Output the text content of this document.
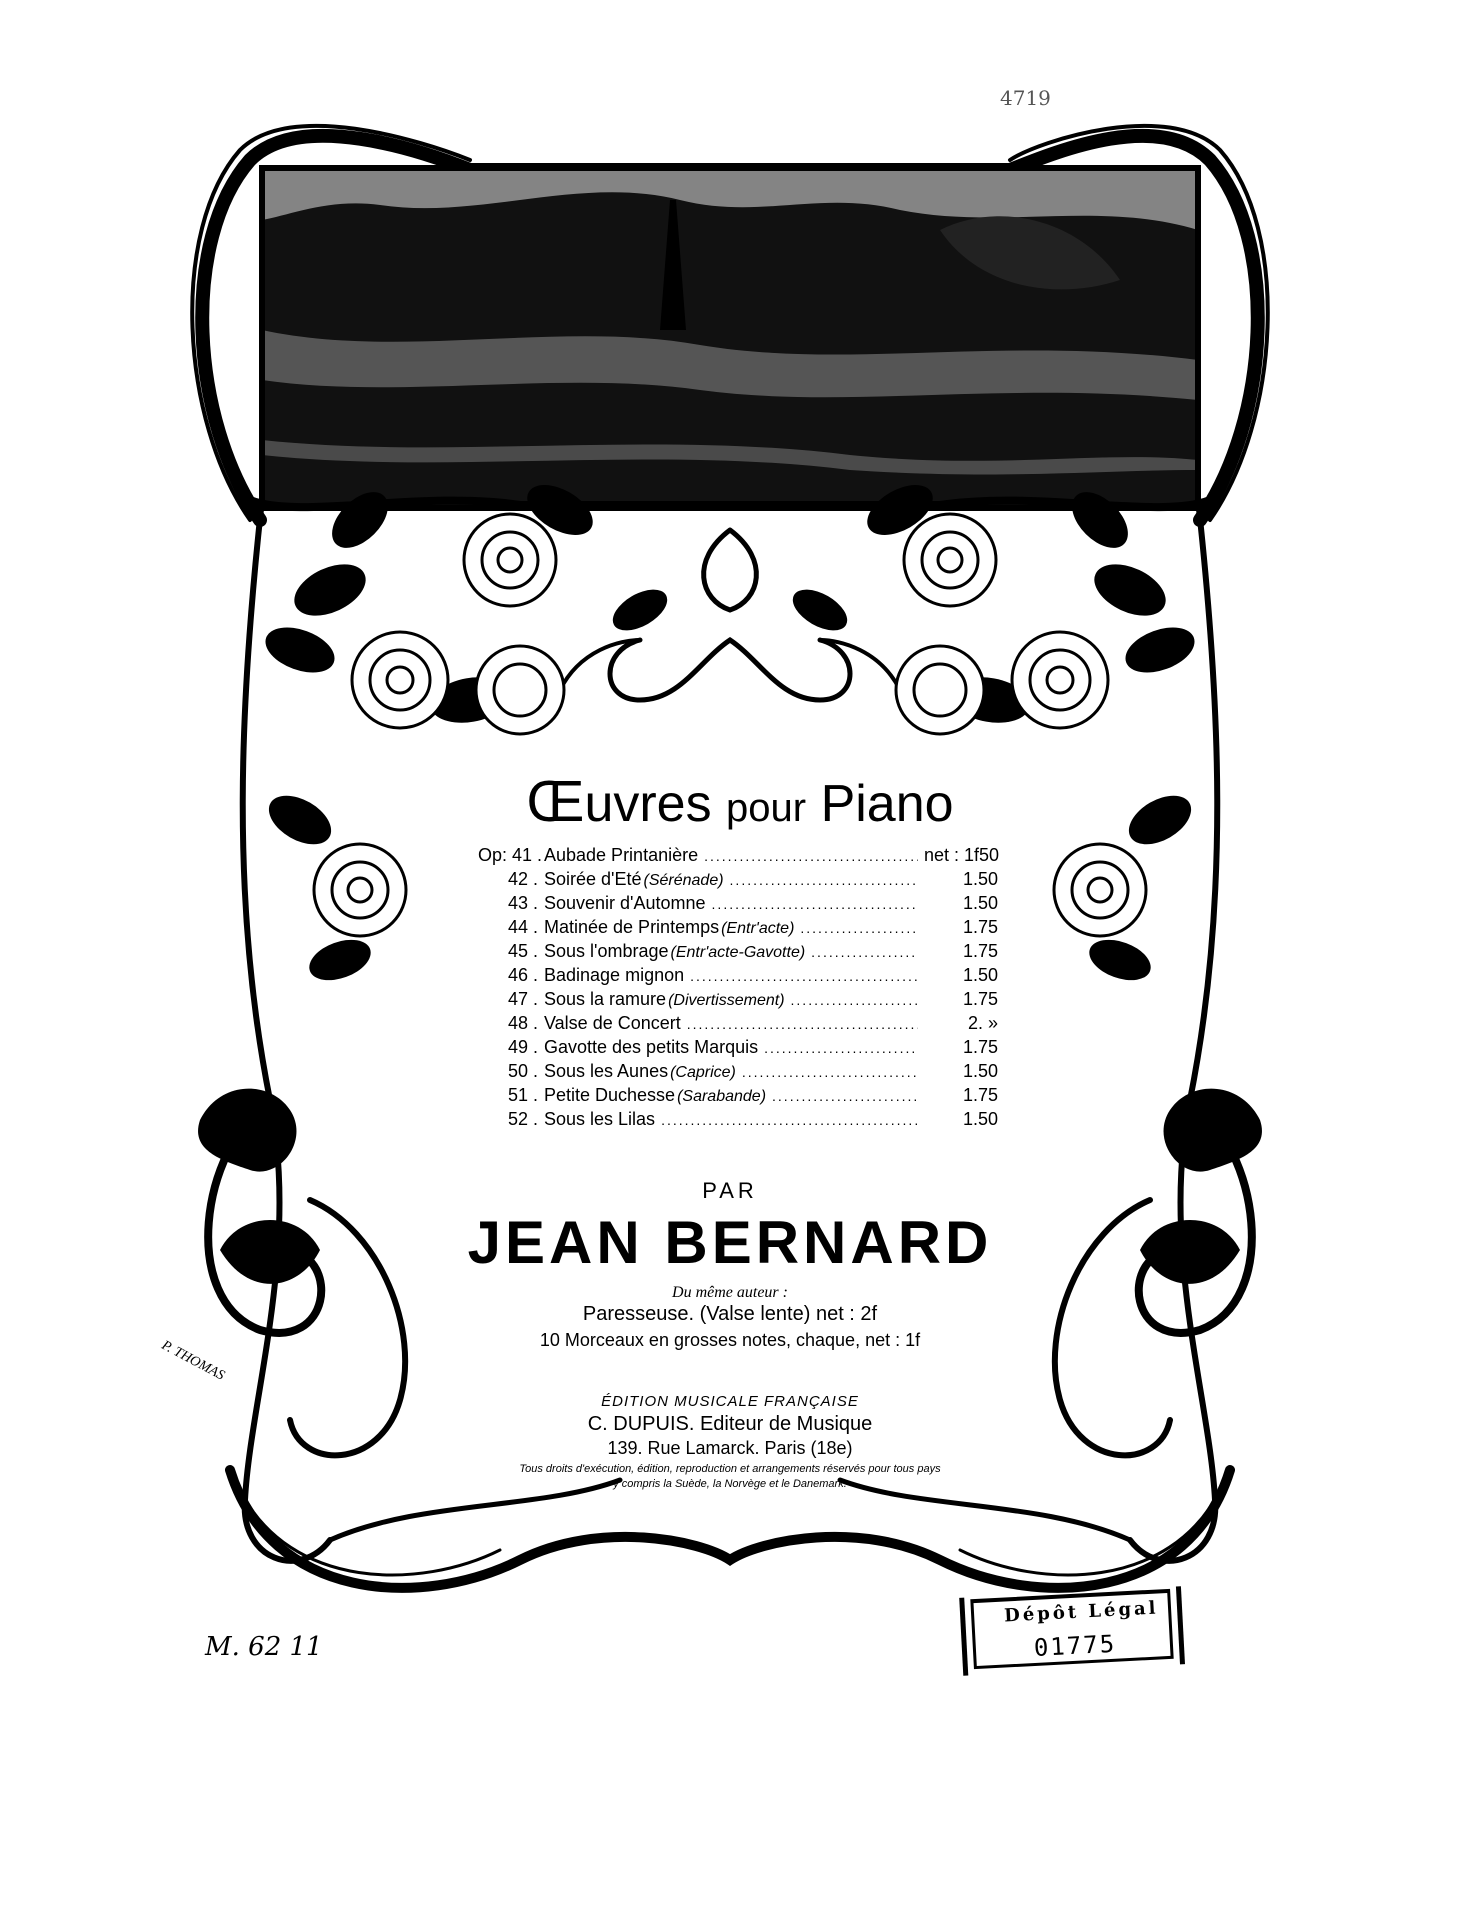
4719
Œuvres pour Piano
Op: 41 . Aubade Printanière .....	net : 1f50
42 . Soirée d'Eté (Sérénade) .....	1.50
43 . Souvenir d'Automne .....	1.50
44 . Matinée de Printemps (Entr'acte) .....	1.75
45 . Sous l'ombrage (Entr'acte-Gavotte) .....	1.75
46 . Badinage mignon .....	1.50
47 . Sous la ramure (Divertissement) .....	1.75
48 . Valse de Concert .....	2. »
49 . Gavotte des petits Marquis .....	1.75
50 . Sous les Aunes (Caprice) .....	1.50
51 . Petite Duchesse (Sarabande) .....	1.75
52 . Sous les Lilas .....	1.50
PAR
JEAN BERNARD
Du même auteur :
Paresseuse. (Valse lente) net : 2f
10 Morceaux en grosses notes, chaque, net : 1f
ÉDITION MUSICALE FRANÇAISE
C. DUPUIS. Editeur de Musique
139. Rue Lamarck. Paris (18e)
Tous droits d'exécution, édition, reproduction et arrangements réservés pour tous pays
y compris la Suède, la Norvège et le Danemark.
P. THOMAS
M. 62 11
Dépôt Légal
01775
